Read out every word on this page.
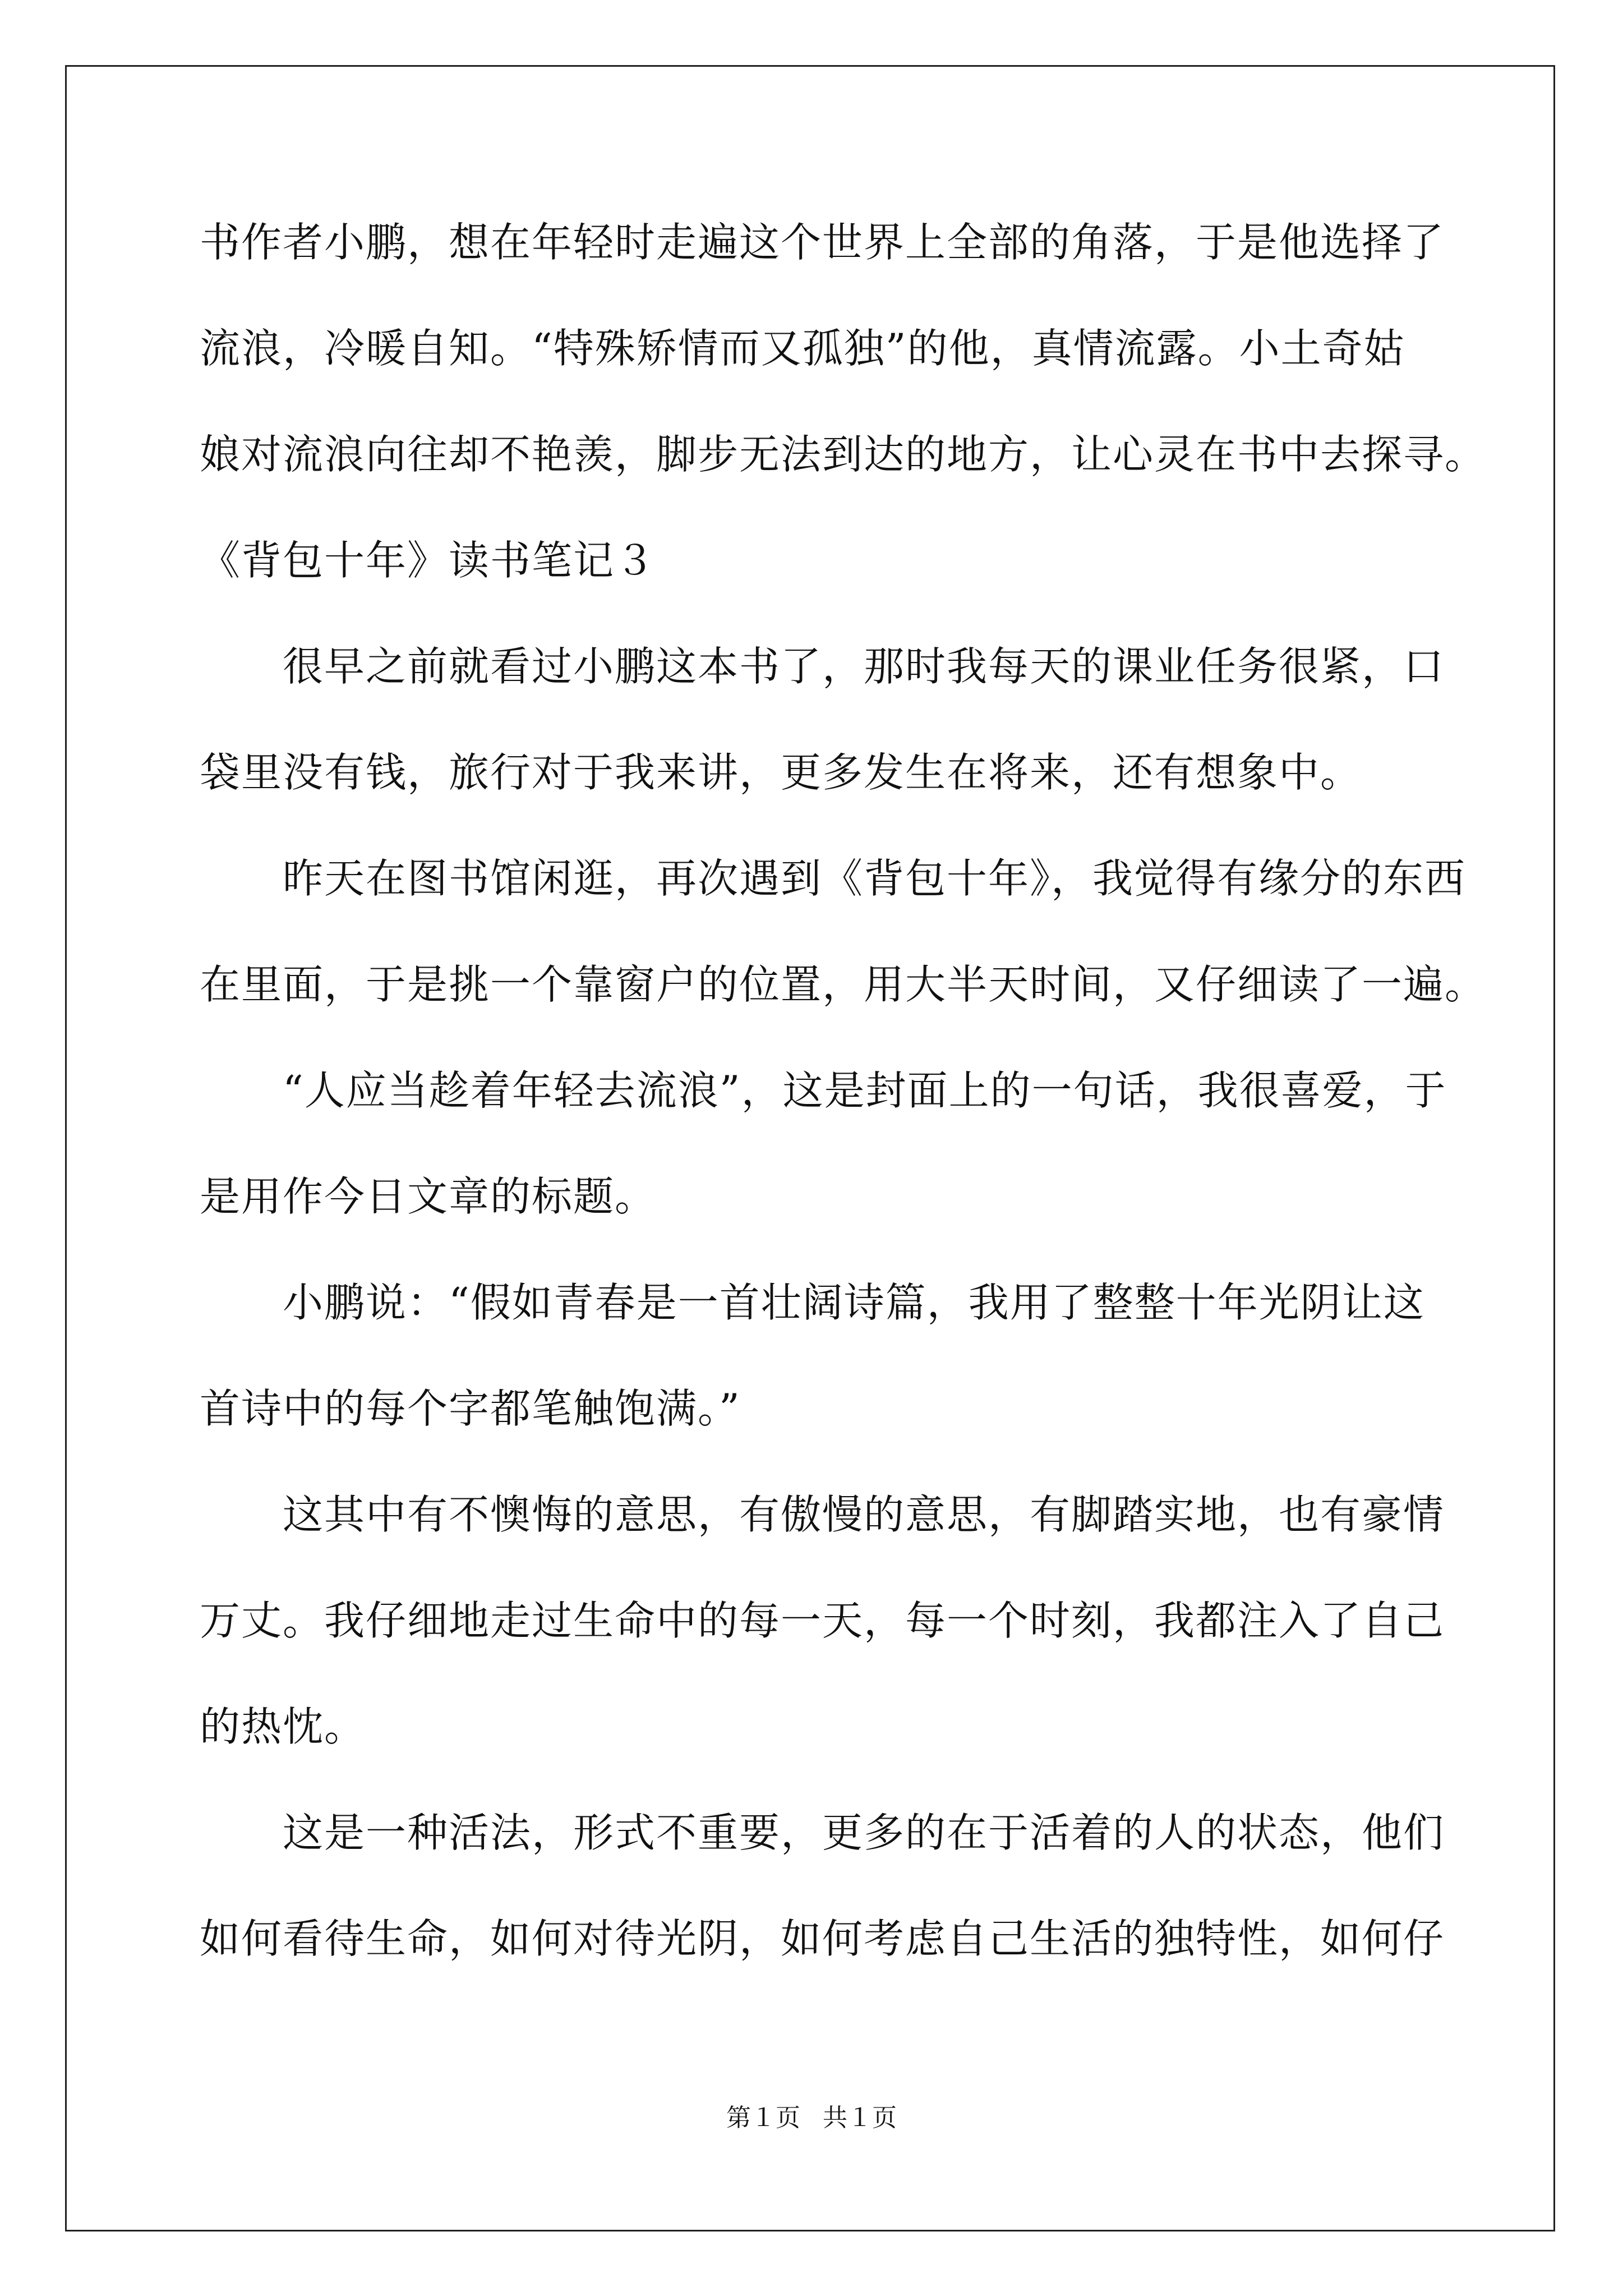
书作者小鹏，想在年轻时走遍这个世界上全部的角落，于是他选择了
流浪，冷暖自知。“特殊矫情而又孤独”的他，真情流露。小土奇姑
娘对流浪向往却不艳羡，脚步无法到达的地方，让心灵在书中去探寻。
《背包十年》读书笔记３
　　很早之前就看过小鹏这本书了，那时我每天的课业任务很紧，口
袋里没有钱，旅行对于我来讲，更多发生在将来，还有想象中。
　　昨天在图书馆闲逛，再次遇到《背包十年》，我觉得有缘分的东西
在里面，于是挑一个靠窗户的位置，用大半天时间，又仔细读了一遍。
　　“人应当趁着年轻去流浪”，这是封面上的一句话，我很喜爱，于
是用作今日文章的标题。
　　小鹏说：“假如青春是一首壮阔诗篇，我用了整整十年光阴让这
首诗中的每个字都笔触饱满。”
　　这其中有不懊悔的意思，有傲慢的意思，有脚踏实地，也有豪情
万丈。我仔细地走过生命中的每一天，每一个时刻，我都注入了自己
的热忱。
　　这是一种活法，形式不重要，更多的在于活着的人的状态，他们
如何看待生命，如何对待光阴，如何考虑自己生活的独特性，如何仔
第１页 共１页
